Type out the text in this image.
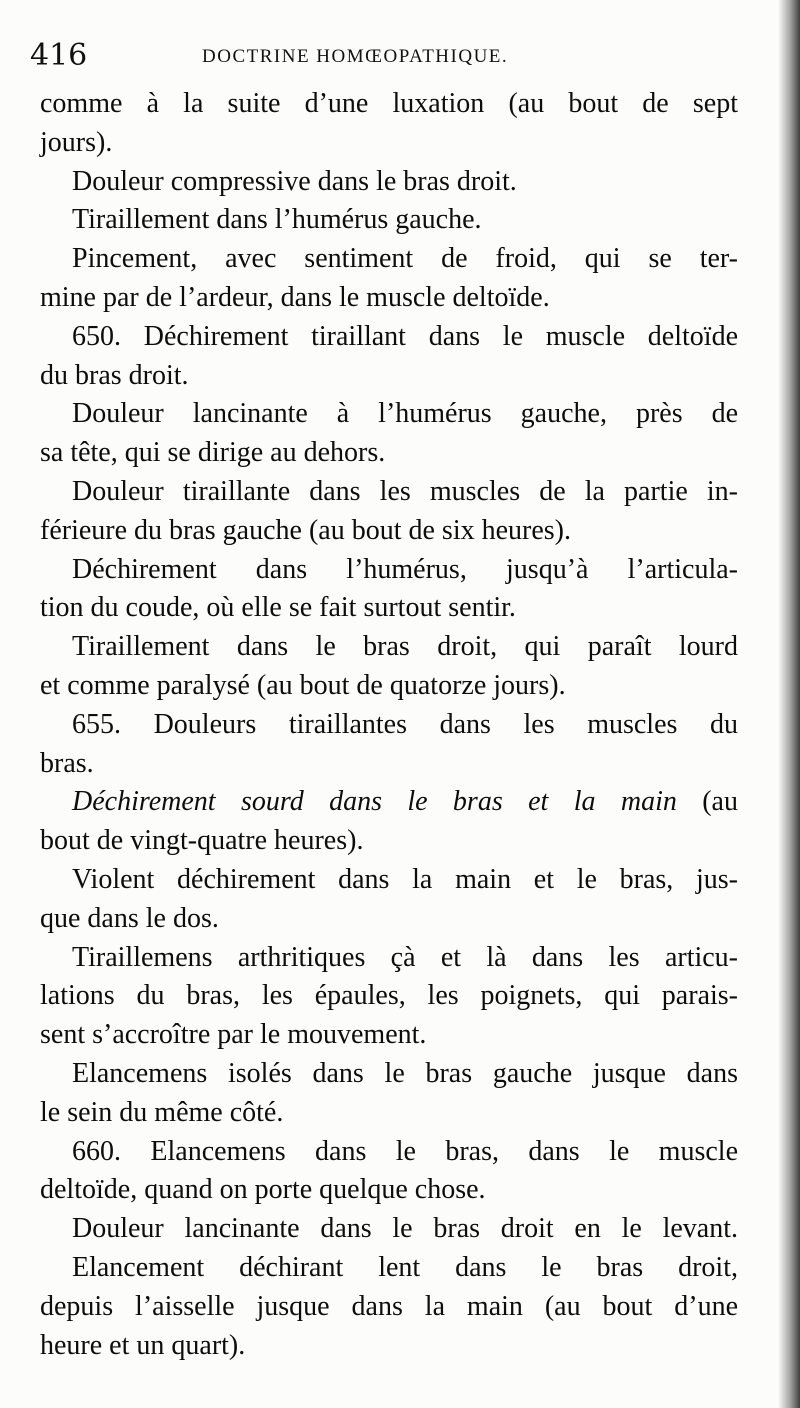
416	DOCTRINE HOMŒOPATHIQUE.
comme à la suite d’une luxation (au bout de sept
jours).
Douleur compressive dans le bras droit.
Tiraillement dans l’humérus gauche.
Pincement, avec sentiment de froid, qui se ter-
mine par de l’ardeur, dans le muscle deltoïde.
650. Déchirement tiraillant dans le muscle deltoïde
du bras droit.
Douleur lancinante à l’humérus gauche, près de
sa tête, qui se dirige au dehors.
Douleur tiraillante dans les muscles de la partie in-
férieure du bras gauche (au bout de six heures).
Déchirement dans l’humérus, jusqu’à l’articula-
tion du coude, où elle se fait surtout sentir.
Tiraillement dans le bras droit, qui paraît lourd
et comme paralysé (au bout de quatorze jours).
655. Douleurs tiraillantes dans les muscles du
bras.
Déchirement sourd dans le bras et la main (au
bout de vingt-quatre heures).
Violent déchirement dans la main et le bras, jus-
que dans le dos.
Tiraillemens arthritiques çà et là dans les articu-
lations du bras, les épaules, les poignets, qui parais-
sent s’accroître par le mouvement.
Elancemens isolés dans le bras gauche jusque dans
le sein du même côté.
660. Elancemens dans le bras, dans le muscle
deltoïde, quand on porte quelque chose.
Douleur lancinante dans le bras droit en le levant.
Elancement déchirant lent dans le bras droit,
depuis l’aisselle jusque dans la main (au bout d’une
heure et un quart).
